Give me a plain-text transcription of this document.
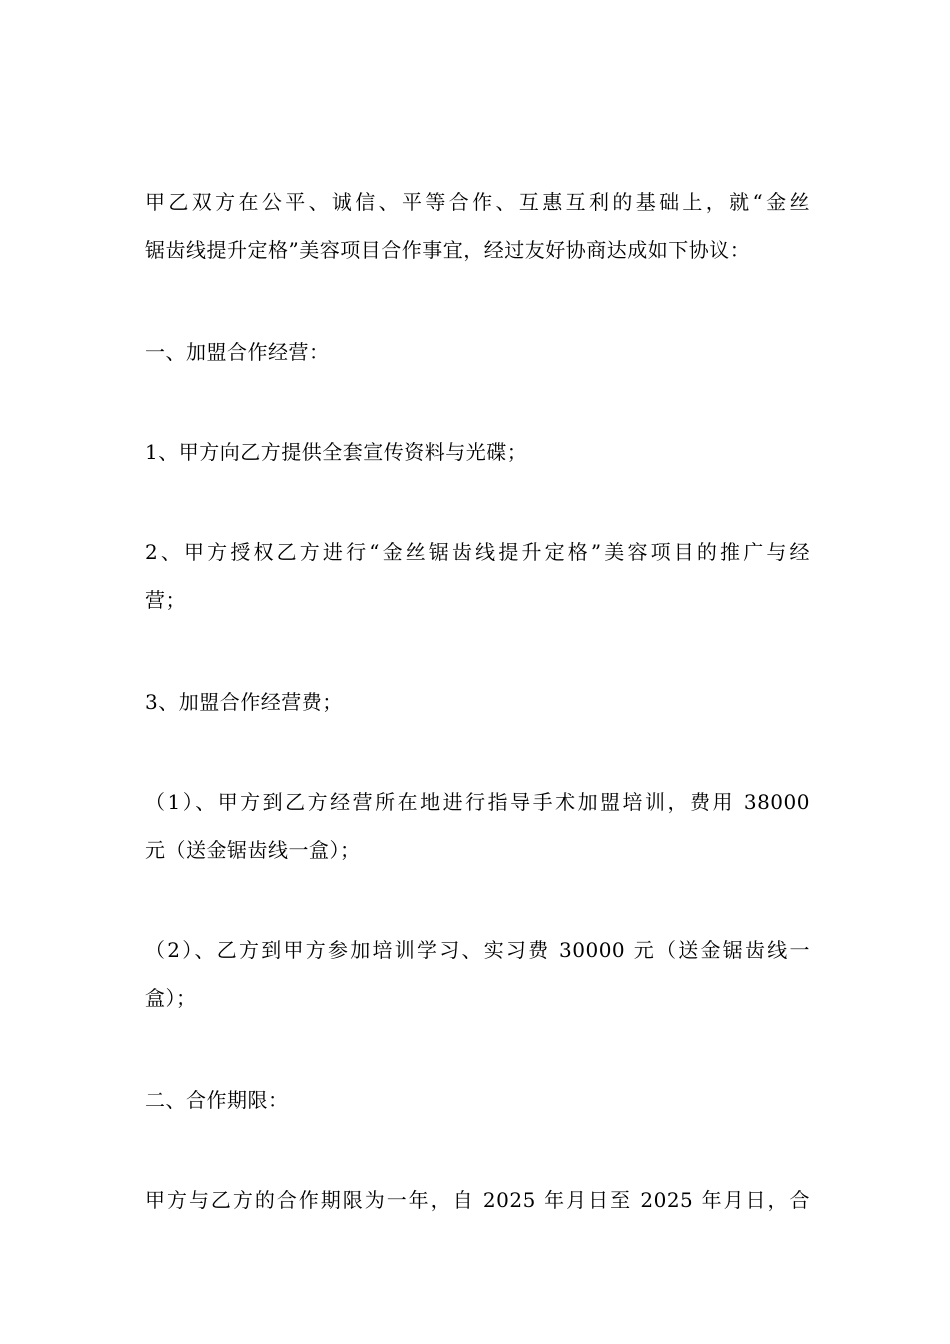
甲乙双方在公平、诚信、平等合作、互惠互利的基础上，就“金丝
锯齿线提升定格”美容项目合作事宜，经过友好协商达成如下协议：
一、加盟合作经营：
1、甲方向乙方提供全套宣传资料与光碟；
2、甲方授权乙方进行“金丝锯齿线提升定格”美容项目的推广与经
营；
3、加盟合作经营费；
（1）、甲方到乙方经营所在地进行指导手术加盟培训，费用 38000
元（送金锯齿线一盒）；
（2）、乙方到甲方参加培训学习、实习费 30000 元（送金锯齿线一
盒）；
二、合作期限：
甲方与乙方的合作期限为一年，自 2025 年月日至 2025 年月日，合
